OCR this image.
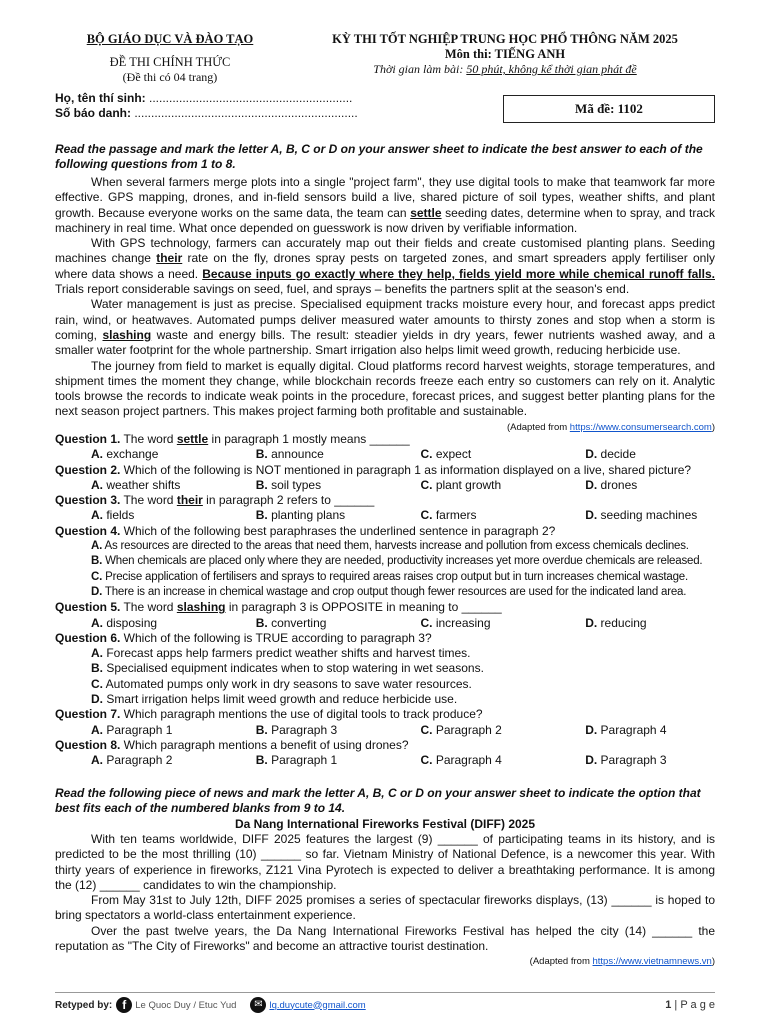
BỘ GIÁO DỤC VÀ ĐÀO TẠO
ĐỀ THI CHÍNH THỨC
(Đề thi có 04 trang)
KỲ THI TỐT NGHIỆP TRUNG HỌC PHỔ THÔNG NĂM 2025
Môn thi: TIẾNG ANH
Thời gian làm bài: 50 phút, không kể thời gian phát đề
Họ, tên thí sinh: .............................................................
Số báo danh: ...................................................................	Mã đề: 1102
Read the passage and mark the letter A, B, C or D on your answer sheet to indicate the best answer to each of the following questions from 1 to 8.

When several farmers merge plots into a single "project farm", they use digital tools to make that teamwork far more effective. GPS mapping, drones, and in-field sensors build a live, shared picture of soil types, weather shifts, and plant growth. Because everyone works on the same data, the team can settle seeding dates, determine when to spray, and track machinery in real time. What once depended on guesswork is now driven by verifiable information.

With GPS technology, farmers can accurately map out their fields and create customised planting plans. Seeding machines change their rate on the fly, drones spray pests on targeted zones, and smart spreaders apply fertiliser only where data shows a need. Because inputs go exactly where they help, fields yield more while chemical runoff falls. Trials report considerable savings on seed, fuel, and sprays – benefits the partners split at the season's end.

Water management is just as precise. Specialised equipment tracks moisture every hour, and forecast apps predict rain, wind, or heatwaves. Automated pumps deliver measured water amounts to thirsty zones and stop when a storm is coming, slashing waste and energy bills. The result: steadier yields in dry years, fewer nutrients washed away, and a smaller water footprint for the whole partnership. Smart irrigation also helps limit weed growth, reducing herbicide use.

The journey from field to market is equally digital. Cloud platforms record harvest weights, storage temperatures, and shipment times the moment they change, while blockchain records freeze each entry so customers can rely on it. Analytic tools browse the records to indicate weak points in the procedure, forecast prices, and suggest better planting plans for the next season project partners. This makes project farming both profitable and sustainable.

(Adapted from https://www.consumersearch.com)
Question 1. The word settle in paragraph 1 mostly means ______
A. exchange	B. announce	C. expect	D. decide
Question 2. Which of the following is NOT mentioned in paragraph 1 as information displayed on a live, shared picture?
A. weather shifts	B. soil types	C. plant growth	D. drones
Question 3. The word their in paragraph 2 refers to ______
A. fields	B. planting plans	C. farmers	D. seeding machines
Question 4. Which of the following best paraphrases the underlined sentence in paragraph 2?
A. As resources are directed to the areas that need them, harvests increase and pollution from excess chemicals declines.
B. When chemicals are placed only where they are needed, productivity increases yet more overdue chemicals are released.
C. Precise application of fertilisers and sprays to required areas raises crop output but in turn increases chemical wastage.
D. There is an increase in chemical wastage and crop output though fewer resources are used for the indicated land area.
Question 5. The word slashing in paragraph 3 is OPPOSITE in meaning to ______
A. disposing	B. converting	C. increasing	D. reducing
Question 6. Which of the following is TRUE according to paragraph 3?
A. Forecast apps help farmers predict weather shifts and harvest times.
B. Specialised equipment indicates when to stop watering in wet seasons.
C. Automated pumps only work in dry seasons to save water resources.
D. Smart irrigation helps limit weed growth and reduce herbicide use.
Question 7. Which paragraph mentions the use of digital tools to track produce?
A. Paragraph 1	B. Paragraph 3	C. Paragraph 2	D. Paragraph 4
Question 8. Which paragraph mentions a benefit of using drones?
A. Paragraph 2	B. Paragraph 1	C. Paragraph 4	D. Paragraph 3
Read the following piece of news and mark the letter A, B, C or D on your answer sheet to indicate the option that best fits each of the numbered blanks from 9 to 14.
Da Nang International Fireworks Festival (DIFF) 2025

With ten teams worldwide, DIFF 2025 features the largest (9) ______ of participating teams in its history, and is predicted to be the most thrilling (10) ______ so far. Vietnam Ministry of National Defence, is a newcomer this year. With thirty years of experience in fireworks, Z121 Vina Pyrotech is expected to deliver a breathtaking performance. It is among the (12) ______ candidates to win the championship.

From May 31st to July 12th, DIFF 2025 promises a series of spectacular fireworks displays, (13) ______ is hoped to bring spectators a world-class entertainment experience.

Over the past twelve years, the Da Nang International Fireworks Festival has helped the city (14) ______ the reputation as "The City of Fireworks" and become an attractive tourist destination.

(Adapted from https://www.vietnamnews.vn)
Retyped by: f Le Quoc Duy / Etuc Yud	✉ lq.duycute@gmail.com	1 | P a g e
